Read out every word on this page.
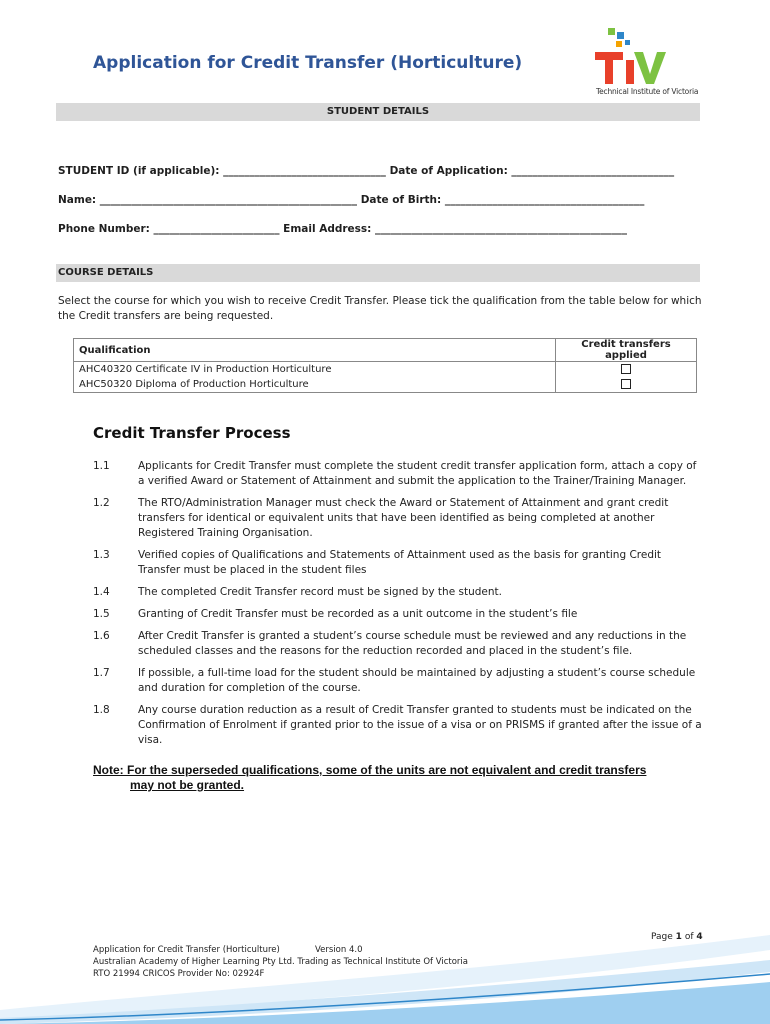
Application for Credit Transfer (Horticulture)
Technical Institute of Victoria
STUDENT DETAILS
STUDENT ID (if applicable): _______________________________ Date of Application: _______________________________
Name: _________________________________________________ Date of Birth: ______________________________________
Phone Number: ________________________ Email Address: ________________________________________________
COURSE DETAILS
Select the course for which you wish to receive Credit Transfer. Please tick the qualification from the table below for which the Credit transfers are being requested.
Qualification	Credit transfers applied
AHC40320 Certificate IV in Production Horticulture	
AHC50320 Diploma of Production Horticulture	
Credit Transfer Process
1.1	Applicants for Credit Transfer must complete the student credit transfer application form, attach a copy of a verified Award or Statement of Attainment and submit the application to the Trainer/Training Manager.
1.2	The RTO/Administration Manager must check the Award or Statement of Attainment and grant credit transfers for identical or equivalent units that have been identified as being completed at another Registered Training Organisation.
1.3	Verified copies of Qualifications and Statements of Attainment used as the basis for granting Credit Transfer must be placed in the student files
1.4	The completed Credit Transfer record must be signed by the student.
1.5	Granting of Credit Transfer must be recorded as a unit outcome in the student’s file
1.6	After Credit Transfer is granted a student’s course schedule must be reviewed and any reductions in the scheduled classes and the reasons for the reduction recorded and placed in the student’s file.
1.7	If possible, a full-time load for the student should be maintained by adjusting a student’s course schedule and duration for completion of the course.
1.8	Any course duration reduction as a result of Credit Transfer granted to students must be indicated on the Confirmation of Enrolment if granted prior to the issue of a visa or on PRISMS if granted after the issue of a visa.
Note: For the superseded qualifications, some of the units are not equivalent and credit transfers
may not be granted.
Page 1 of 4
Application for Credit Transfer (Horticulture)	Version 4.0
Australian Academy of Higher Learning Pty Ltd. Trading as Technical Institute Of Victoria
RTO 21994 CRICOS Provider No: 02924F
